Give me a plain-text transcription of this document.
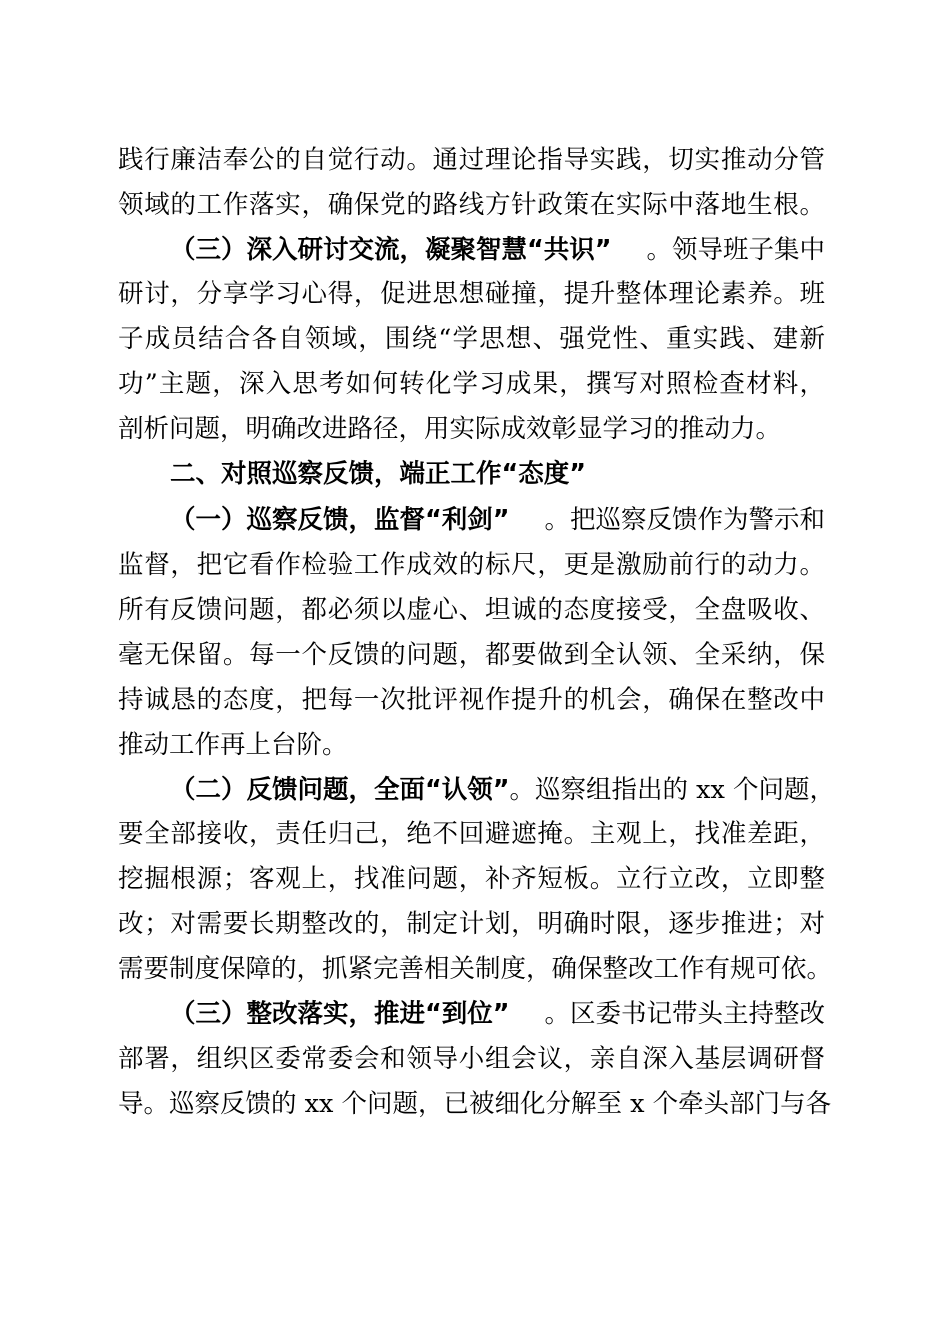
践行廉洁奉公的自觉行动。通过理论指导实践，切实推动分管
领域的工作落实，确保党的路线方针政策在实际中落地生根。
（三）深入研讨交流，凝聚智慧“共识” 。领导班子集中
研讨，分享学习心得，促进思想碰撞，提升整体理论素养。班
子成员结合各自领域，围绕“学思想、强党性、重实践、建新
功”主题，深入思考如何转化学习成果，撰写对照检查材料，
剖析问题，明确改进路径，用实际成效彰显学习的推动力。
二、对照巡察反馈，端正工作“态度”
（一）巡察反馈，监督“利剑” 。把巡察反馈作为警示和
监督，把它看作检验工作成效的标尺，更是激励前行的动力。
所有反馈问题，都必须以虚心、坦诚的态度接受，全盘吸收、
毫无保留。每一个反馈的问题，都要做到全认领、全采纳，保
持诚恳的态度，把每一次批评视作提升的机会，确保在整改中
推动工作再上台阶。
（二）反馈问题，全面“认领” 。巡察组指出的 xx 个问题，
要全部接收，责任归己，绝不回避遮掩。主观上，找准差距，
挖掘根源；客观上，找准问题，补齐短板。立行立改，立即整
改；对需要长期整改的，制定计划，明确时限，逐步推进；对
需要制度保障的，抓紧完善相关制度，确保整改工作有规可依。
（三）整改落实，推进“到位” 。区委书记带头主持整改
部署，组织区委常委会和领导小组会议，亲自深入基层调研督
导。巡察反馈的 xx 个问题，已被细化分解至 x 个牵头部门与各
